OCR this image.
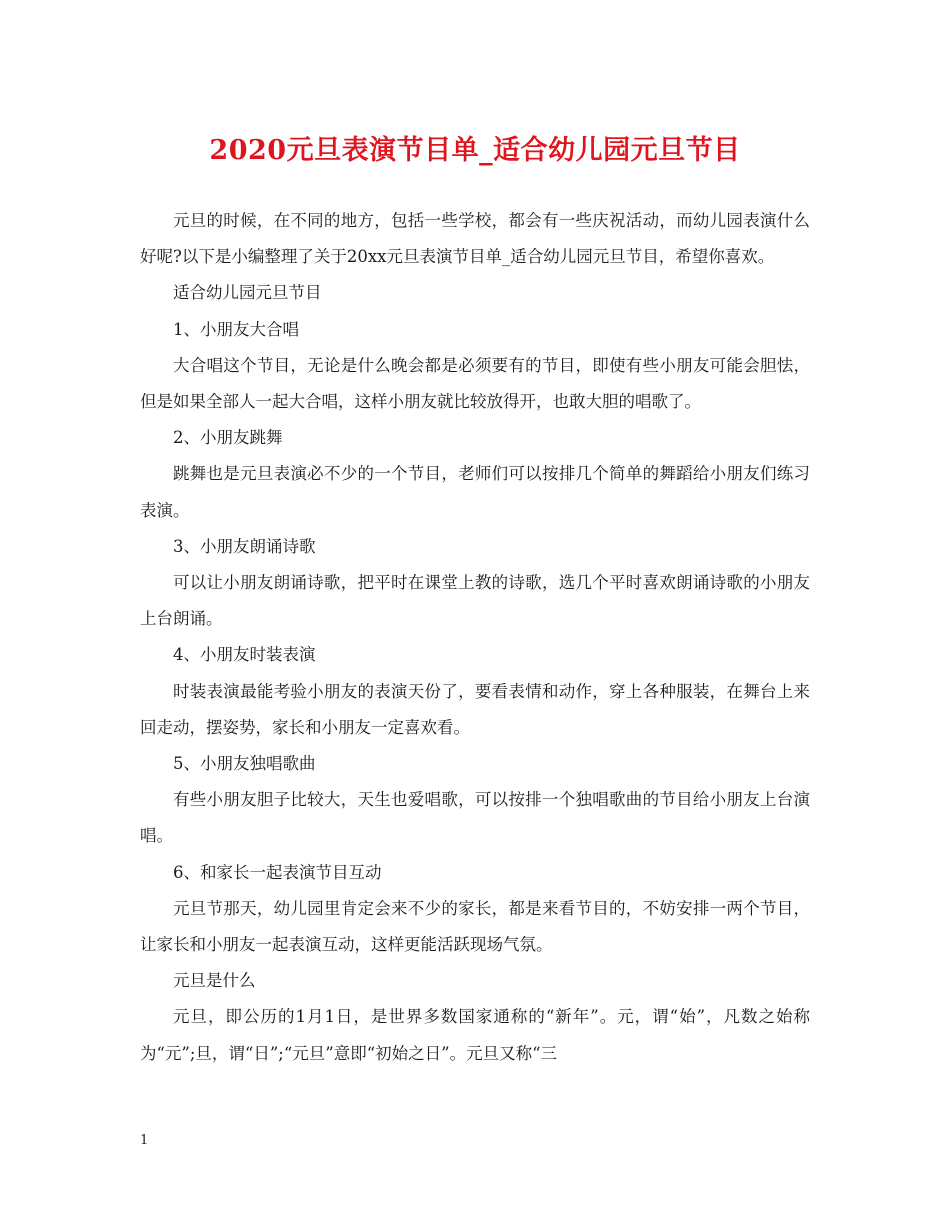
2020元旦表演节目单_适合幼儿园元旦节目

元旦的时候，在不同的地方，包括一些学校，都会有一些庆祝活动，而幼儿园表演什么好呢?以下是小编整理了关于20xx元旦表演节目单_适合幼儿园元旦节目，希望你喜欢。

适合幼儿园元旦节目

1、小朋友大合唱

大合唱这个节目，无论是什么晚会都是必须要有的节目，即使有些小朋友可能会胆怯，但是如果全部人一起大合唱，这样小朋友就比较放得开，也敢大胆的唱歌了。

2、小朋友跳舞

跳舞也是元旦表演必不少的一个节目，老师们可以按排几个简单的舞蹈给小朋友们练习表演。

3、小朋友朗诵诗歌

可以让小朋友朗诵诗歌，把平时在课堂上教的诗歌，选几个平时喜欢朗诵诗歌的小朋友上台朗诵。

4、小朋友时装表演

时装表演最能考验小朋友的表演天份了，要看表情和动作，穿上各种服装，在舞台上来回走动，摆姿势，家长和小朋友一定喜欢看。

5、小朋友独唱歌曲

有些小朋友胆子比较大，天生也爱唱歌，可以按排一个独唱歌曲的节目给小朋友上台演唱。

6、和家长一起表演节目互动

元旦节那天，幼儿园里肯定会来不少的家长，都是来看节目的，不妨安排一两个节目，让家长和小朋友一起表演互动，这样更能活跃现场气氛。

元旦是什么

元旦，即公历的1月1日，是世界多数国家通称的“新年”。元，谓“始”，凡数之始称为“元”;旦，谓“日”;“元旦”意即“初始之日”。元旦又称“三

1
